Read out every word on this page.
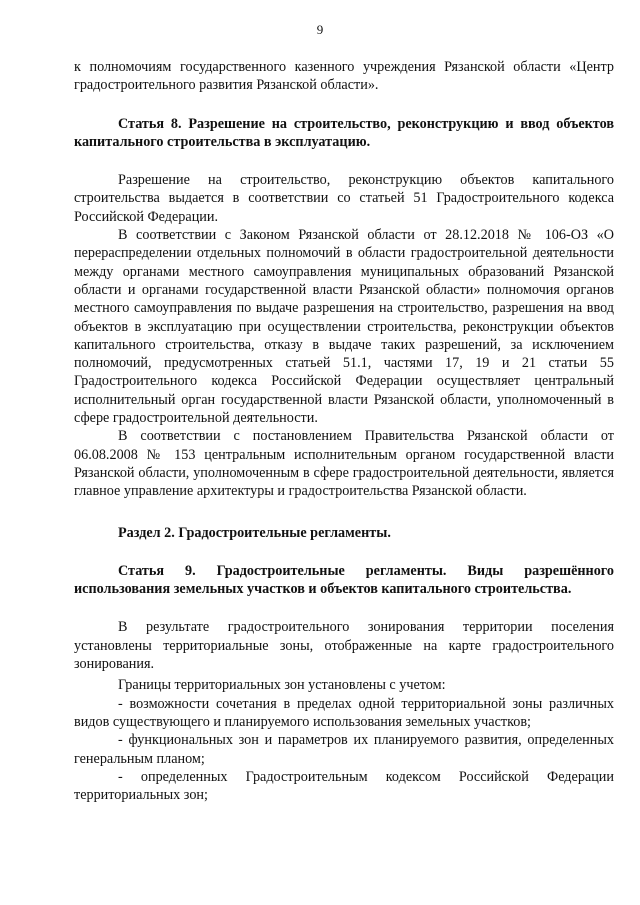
9

к полномочиям государственного казенного учреждения Рязанской области «Центр градостроительного развития Рязанской области».

Статья 8. Разрешение на строительство, реконструкцию и ввод объектов капитального строительства в эксплуатацию.

Разрешение на строительство, реконструкцию объектов капитального строительства выдается в соответствии со статьей 51 Градостроительного кодекса Российской Федерации.

В соответствии с Законом Рязанской области от 28.12.2018 № 106-ОЗ «О перераспределении отдельных полномочий в области градостроительной деятельности между органами местного самоуправления муниципальных образований Рязанской области и органами государственной власти Рязанской области» полномочия органов местного самоуправления по выдаче разрешения на строительство, разрешения на ввод объектов в эксплуатацию при осуществлении строительства, реконструкции объектов капитального строительства, отказу в выдаче таких разрешений, за исключением полномочий, предусмотренных статьей 51.1, частями 17, 19 и 21 статьи 55 Градостроительного кодекса Российской Федерации осуществляет центральный исполнительный орган государственной власти Рязанской области, уполномоченный в сфере градостроительной деятельности.

В соответствии с постановлением Правительства Рязанской области от 06.08.2008 № 153 центральным исполнительным органом государственной власти Рязанской области, уполномоченным в сфере градостроительной деятельности, является главное управление архитектуры и градостроительства Рязанской области.

Раздел 2. Градостроительные регламенты.

Статья 9. Градостроительные регламенты. Виды разрешённого использования земельных участков и объектов капитального строительства.

В результате градостроительного зонирования территории поселения установлены территориальные зоны, отображенные на карте градостроительного зонирования.

Границы территориальных зон установлены с учетом:

- возможности сочетания в пределах одной территориальной зоны различных видов существующего и планируемого использования земельных участков;

- функциональных зон и параметров их планируемого развития, определенных генеральным планом;

- определенных Градостроительным кодексом Российской Федерации территориальных зон;
